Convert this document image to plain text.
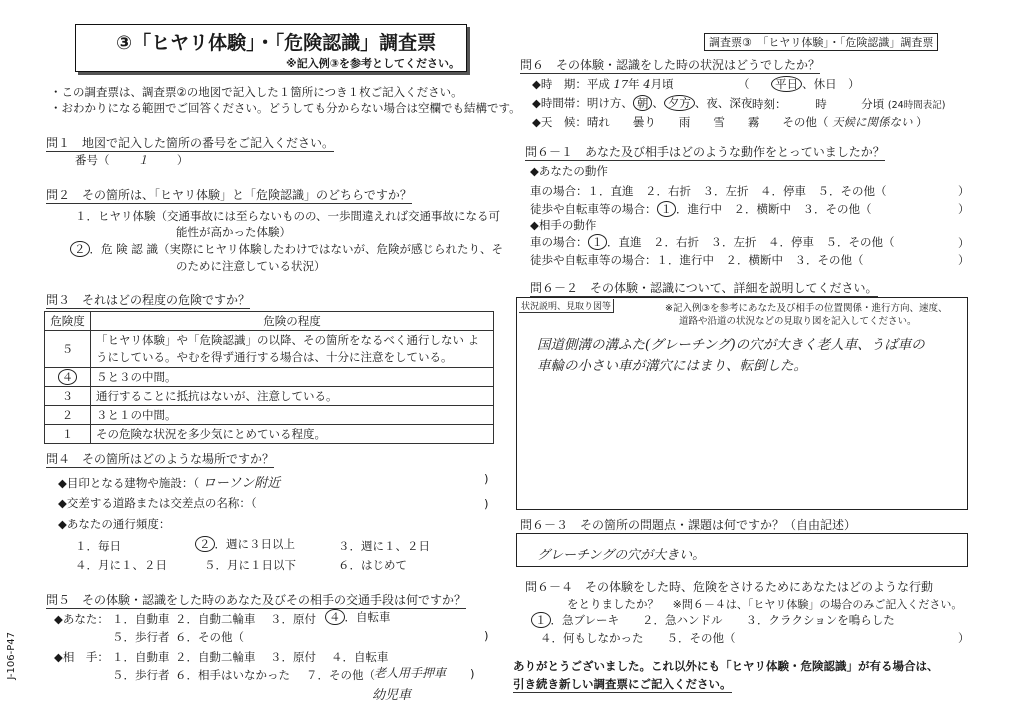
③「ヒヤリ体験」・「危険認識」調査票
※記入例③を参考としてください。
調査票③　「ヒヤリ体験」・「危険認識」調査票
・この調査票は、調査票②の地図で記入した１箇所につき１枚ご記入ください。
・おわかりになる範囲でご回答ください。どうしても分からない場合は空欄でも結構です。
問１　地図で記入した箇所の番号をご記入ください。
番号（ １ ）
問２　その箇所は、「ヒヤリ体験」と「危険認識」のどちらですか？
１．ヒヤリ体験（交通事故には至らないものの、一歩間違えれば交通事故になる可
能性が高かった体験）
２ ．危 険 認 識（実際にヒヤリ体験したわけではないが、危険が感じられたり、そ
のために注意している状況）
問３　それはどの程度の危険ですか？
危険度	危険の程度
５	「ヒヤリ体験」や「危険認識」の以降、その箇所をなるべく通行しない ようにしている。やむを得ず通行する場合は、十分に注意をしている。
４	５と３の中間。
３	通行することに抵抗はないが、注意している。
２	３と１の中間。
１	その危険な状況を多少気にとめている程度。
問４　その箇所はどのような場所ですか？
◆目印となる建物や施設：（ ローソン附近	)
◆交差する道路または交差点の名称：（	)
◆あなたの通行頻度：
１．毎日	２ ．週に３日以上	３．週に１、２日
４．月に１、２日	５．月に１日以下	６．はじめて
問５　その体験・認識をした時のあなた及びその相手の交通手段は何ですか？
◆あなた： １．自動車 ２．自動二輪車 ３．原付	４ ．自転車
５．歩行者 ６．その他（	)
◆相　手： １．自動車 ２．自動二輪車 ３．原付 ４．自転車
５．歩行者 ６．相手はいなかった ７．その他（ 老人用手押車 )
幼児車
J-106-P47
問６　その体験・認識をした時の状況はどうでしたか？
◆時　期：平成 17年 4月頃	（ 平日 、休日　）
◆時間帯：明け方、 朝 、 夕方 、夜、深夜 時刻：　　　時　　　分頃 (24時間表記)
◆天　候：晴れ　　曇り　　雨　　雪　　霧　　その他（ 天候に関係ない ）
問６－１　あなた及び相手はどのような動作をとっていましたか？
◆あなたの動作
車の場合：１．直進　２．右折　３．左折　４．停車　５．その他（	）
徒歩や自転車等の場合： １ ．進行中　２．横断中　３．その他（	）
◆相手の動作
車の場合： １ ．直進　２．右折　３．左折　４．停車　５．その他（	）
徒歩や自転車等の場合：１．進行中　２．横断中　３．その他（	）
問６－２　その体験・認識について、詳細を説明してください。
状況説明、見取り図等	※記入例③を参考にあなた及び相手の位置関係・進行方向、速度、
道路や沿道の状況などの見取り図を記入してください。
国道側溝の溝ふた(グレーチング)の穴が大きく老人車、うば車の
車輪の小さい車が溝穴にはまり、転倒した。
問６－３　その箇所の問題点・課題は何ですか？（自由記述）
グレーチングの穴が大きい。
問６－４　その体験をした時、危険をさけるためにあなたはどのような行動
をとりましたか？ ※問６－４は、「ヒヤリ体験」の場合のみご記入ください。
１ ．急ブレーキ　　２．急ハンドル　　３．クラクションを鳴らした
４．何もしなかった　　５．その他（	）
ありがとうございました。これ以外にも「ヒヤリ体験・危険認識」が有る場合は、
引き続き新しい調査票にご記入ください。
